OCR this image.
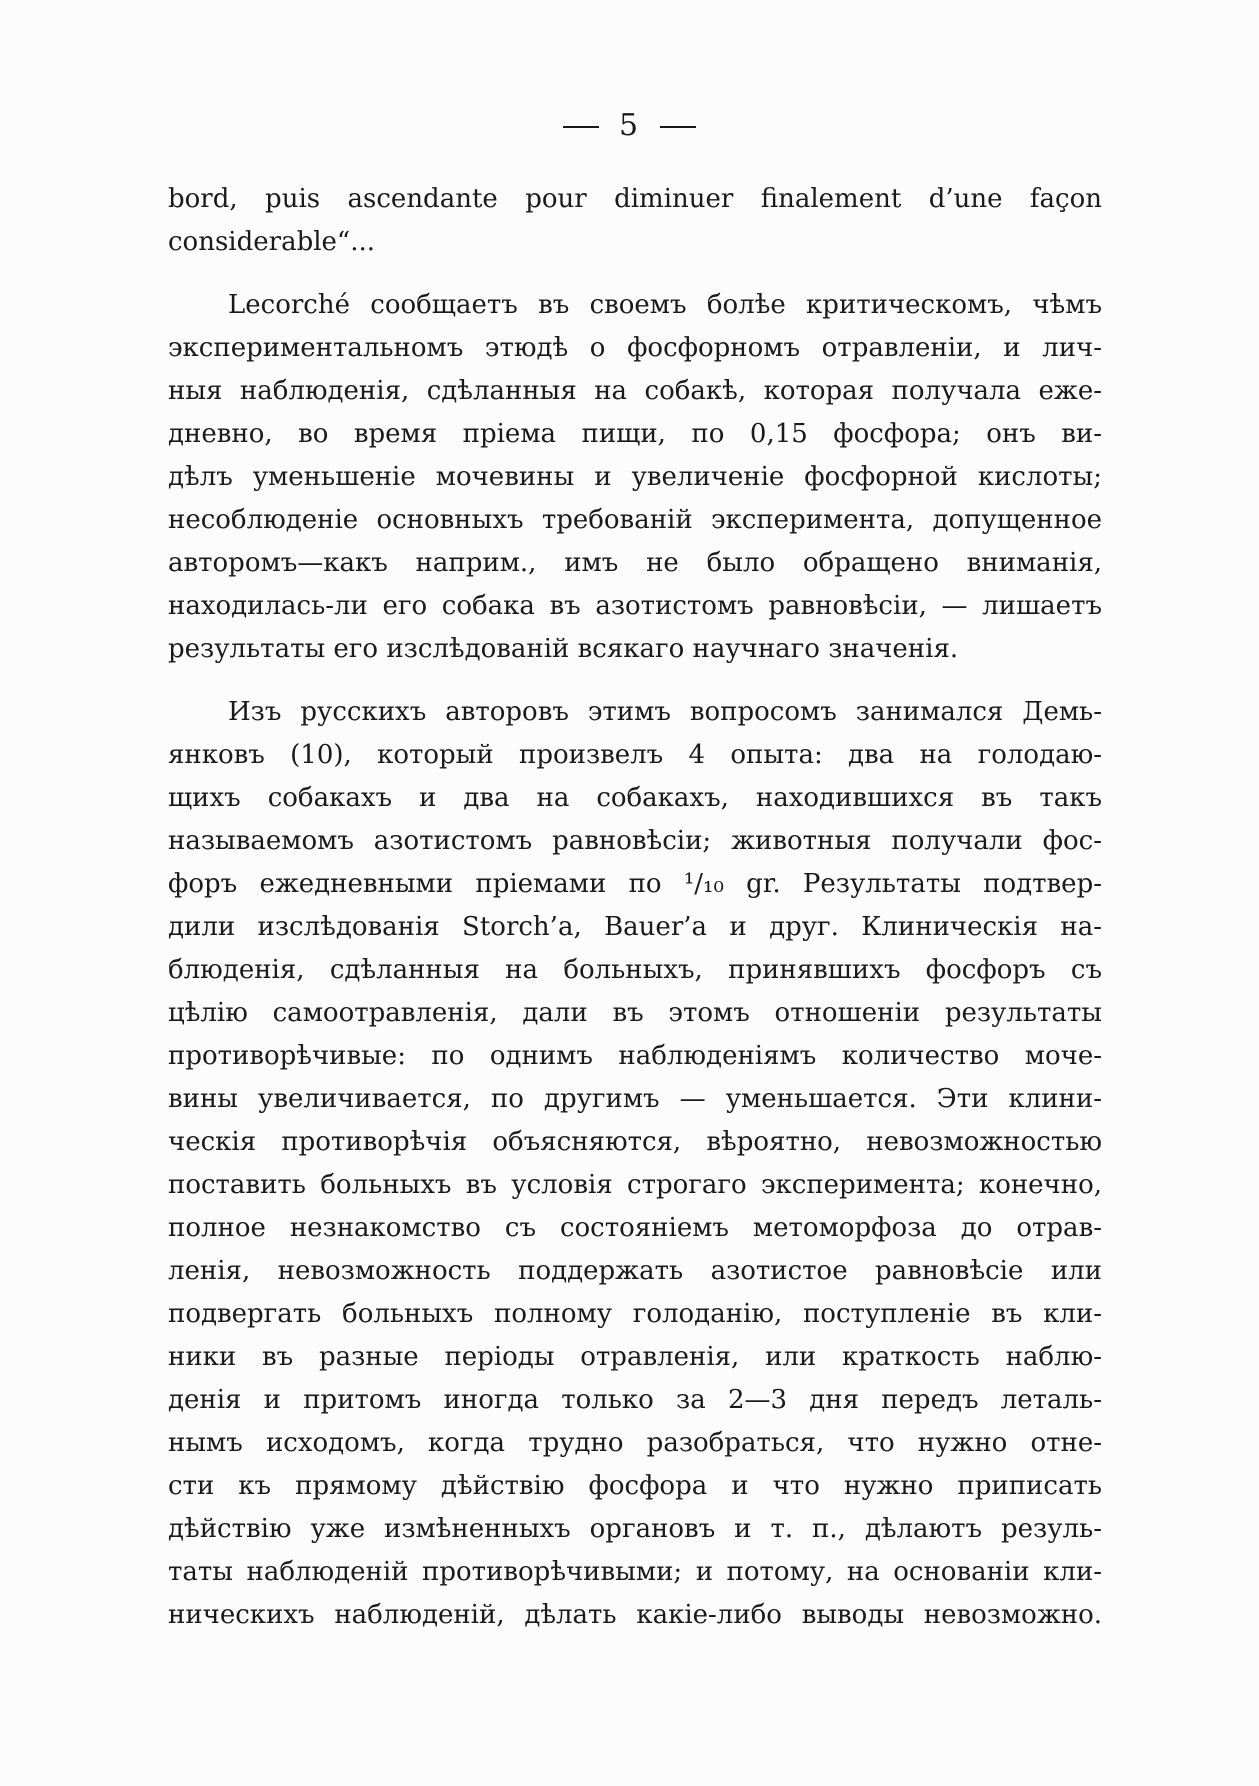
5
bord, puis ascendante pour diminuer finalement d’une façon
considerable“...
Lecorché сообщаетъ въ своемъ болѣе критическомъ, чѣмъ
экспериментальномъ этюдѣ о фосфорномъ отравленіи, и лич-
ныя наблюденія, сдѣланныя на собакѣ, которая получала еже-
дневно, во время пріема пищи, по 0,15 фосфора; онъ ви-
дѣлъ уменьшеніе мочевины и увеличеніе фосфорной кислоты;
несоблюденіе основныхъ требованій эксперимента, допущенное
авторомъ—какъ наприм., имъ не было обращено вниманія,
находилась-ли его собака въ азотистомъ равновѣсіи, — лишаетъ
результаты его изслѣдованій всякаго научнаго значенія.
Изъ русскихъ авторовъ этимъ вопросомъ занимался Демь-
янковъ (10), который произвелъ 4 опыта: два на голодаю-
щихъ собакахъ и два на собакахъ, находившихся въ такъ
называемомъ азотистомъ равновѣсіи; животныя получали фос-
форъ ежедневными пріемами по ¹/₁₀ gr. Результаты подтвер-
дили изслѣдованія Storch’a, Bauer’a и друг. Клиническія на-
блюденія, сдѣланныя на больныхъ, принявшихъ фосфоръ съ
цѣлію самоотравленія, дали въ этомъ отношеніи результаты
противорѣчивые: по однимъ наблюденіямъ количество моче-
вины увеличивается, по другимъ — уменьшается. Эти клини-
ческія противорѣчія объясняются, вѣроятно, невозможностью
поставить больныхъ въ условія строгаго эксперимента; конечно,
полное незнакомство съ состояніемъ метоморфоза до отрав-
ленія, невозможность поддержать азотистое равновѣсіе или
подвергать больныхъ полному голоданію, поступленіе въ кли-
ники въ разные періоды отравленія, или краткость наблю-
денія и притомъ иногда только за 2—3 дня передъ леталь-
нымъ исходомъ, когда трудно разобраться, что нужно отне-
сти къ прямому дѣйствію фосфора и что нужно приписать
дѣйствію уже измѣненныхъ органовъ и т. п., дѣлаютъ резуль-
таты наблюденій противорѣчивыми; и потому, на основаніи кли-
ническихъ наблюденій, дѣлать какіе-либо выводы невозможно.
